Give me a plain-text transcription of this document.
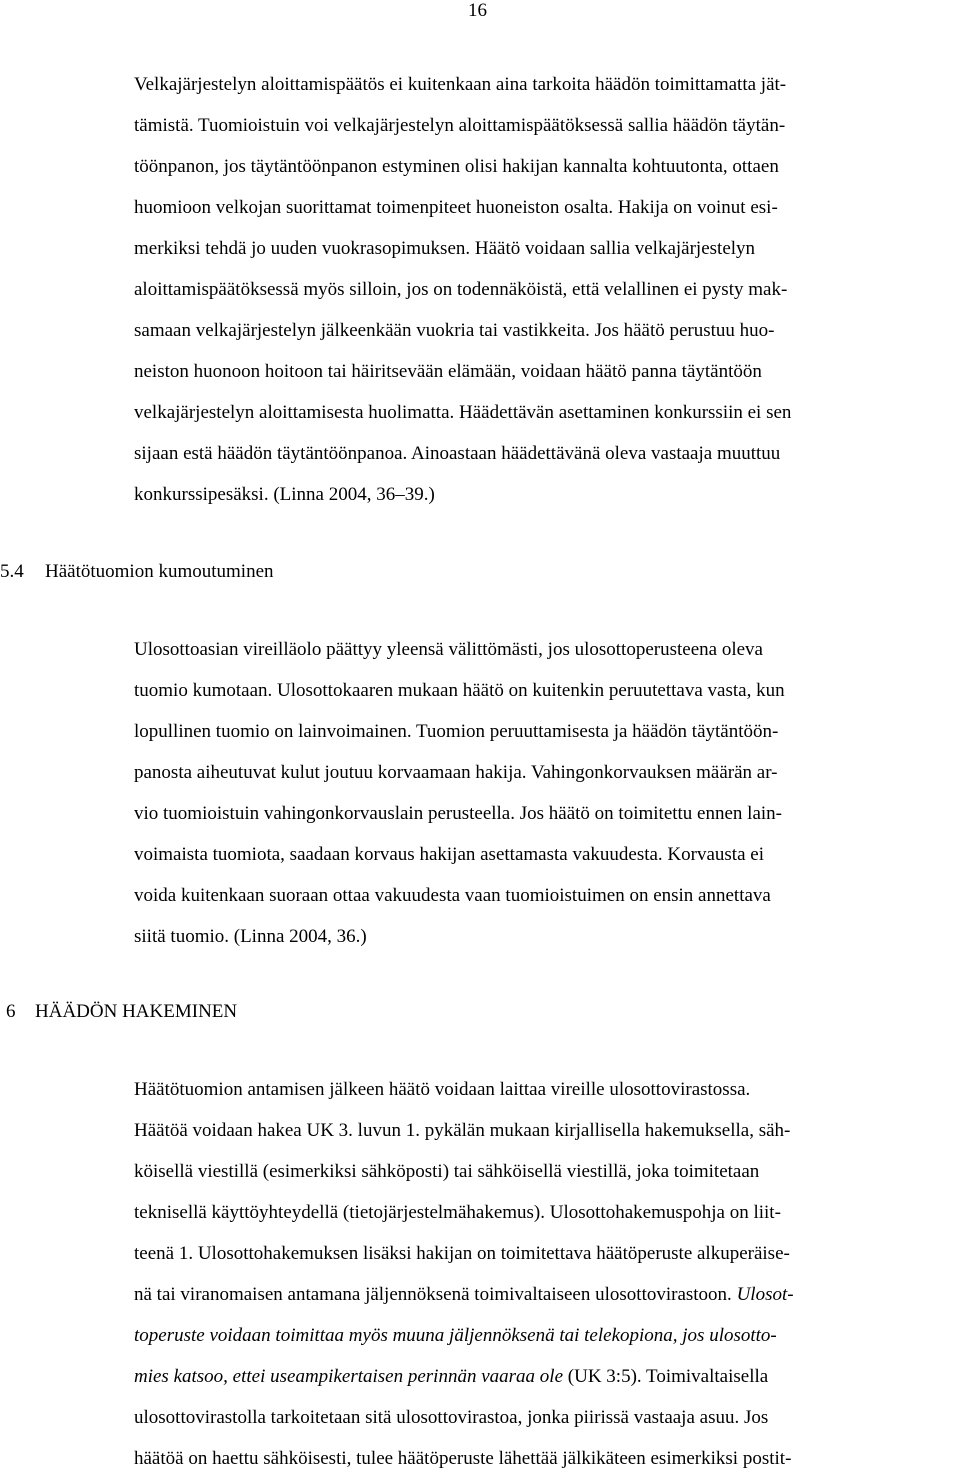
16

Velkajärjestelyn aloittamispäätös ei kuitenkaan aina tarkoita häädön toimittamatta jät-
tämistä. Tuomioistuin voi velkajärjestelyn aloittamispäätöksessä sallia häädön täytän-
töönpanon, jos täytäntöönpanon estyminen olisi hakijan kannalta kohtuutonta, ottaen
huomioon velkojan suorittamat toimenpiteet huoneiston osalta. Hakija on voinut esi-
merkiksi tehdä jo uuden vuokrasopimuksen. Häätö voidaan sallia velkajärjestelyn
aloittamispäätöksessä myös silloin, jos on todennäköistä, että velallinen ei pysty mak-
samaan velkajärjestelyn jälkeenkään vuokria tai vastikkeita. Jos häätö perustuu huo-
neiston huonoon hoitoon tai häiritsevään elämään, voidaan häätö panna täytäntöön
velkajärjestelyn aloittamisesta huolimatta. Häädettävän asettaminen konkurssiin ei sen
sijaan estä häädön täytäntöönpanoa. Ainoastaan häädettävänä oleva vastaaja muuttuu
konkurssipesäksi. (Linna 2004, 36–39.)

5.4 Häätötuomion kumoutuminen

Ulosottoasian vireilläolo päättyy yleensä välittömästi, jos ulosottoperusteena oleva
tuomio kumotaan. Ulosottokaaren mukaan häätö on kuitenkin peruutettava vasta, kun
lopullinen tuomio on lainvoimainen. Tuomion peruuttamisesta ja häädön täytäntöön-
panosta aiheutuvat kulut joutuu korvaamaan hakija. Vahingonkorvauksen määrän ar-
vio tuomioistuin vahingonkorvauslain perusteella. Jos häätö on toimitettu ennen lain-
voimaista tuomiota, saadaan korvaus hakijan asettamasta vakuudesta. Korvausta ei
voida kuitenkaan suoraan ottaa vakuudesta vaan tuomioistuimen on ensin annettava
siitä tuomio. (Linna 2004, 36.)

6 HÄÄDÖN HAKEMINEN

Häätötuomion antamisen jälkeen häätö voidaan laittaa vireille ulosottovirastossa.
Häätöä voidaan hakea UK 3. luvun 1. pykälän mukaan kirjallisella hakemuksella, säh-
köisellä viestillä (esimerkiksi sähköposti) tai sähköisellä viestillä, joka toimitetaan
teknisellä käyttöyhteydellä (tietojärjestelmähakemus). Ulosottohakemuspohja on liit-
teenä 1. Ulosottohakemuksen lisäksi hakijan on toimitettava häätöperuste alkuperäise-
nä tai viranomaisen antamana jäljennöksenä toimivaltaiseen ulosottovirastoon. Ulosot-
toperuste voidaan toimittaa myös muuna jäljennöksenä tai telekopiona, jos ulosotto-
mies katsoo, ettei useampikertaisen perinnän vaaraa ole (UK 3:5). Toimivaltaisella
ulosottovirastolla tarkoitetaan sitä ulosottovirastoa, jonka piirissä vastaaja asuu. Jos
häätöä on haettu sähköisesti, tulee häätöperuste lähettää jälkikäteen esimerkiksi postit-
